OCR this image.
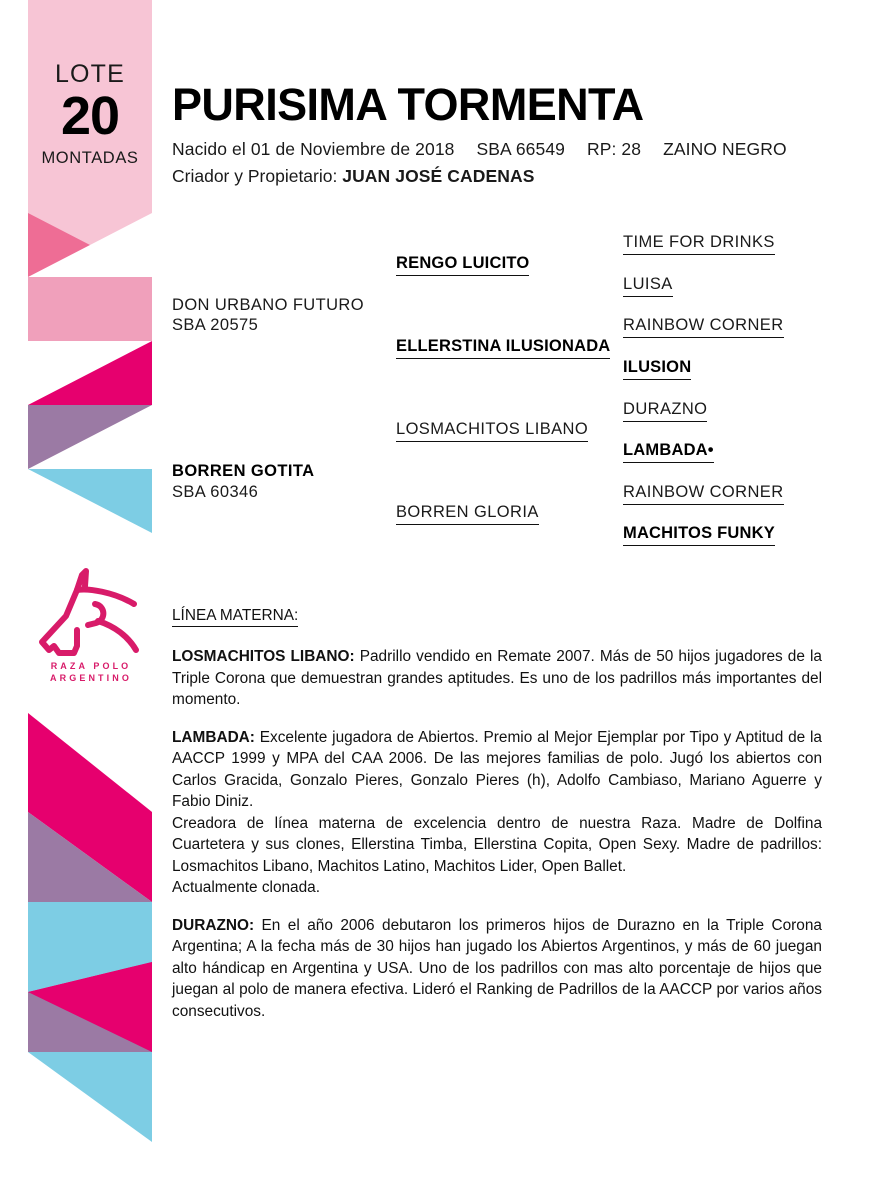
LOTE
20
MONTADAS
RAZA POLO
ARGENTINO
PURISIMA TORMENTA
Nacido el 01 de Noviembre de 2018 SBA 66549 RP: 28 ZAINO NEGRO
Criador y Propietario: JUAN JOSÉ CADENAS
DON URBANO FUTURO
SBA 20575
BORREN GOTITA
SBA 60346
RENGO LUICITO
ELLERSTINA ILUSIONADA
LOSMACHITOS LIBANO
BORREN GLORIA
TIME FOR DRINKS
LUISA
RAINBOW CORNER
ILUSION
DURAZNO
LAMBADA•
RAINBOW CORNER
MACHITOS FUNKY
LÍNEA MATERNA:

LOSMACHITOS LIBANO: Padrillo vendido en Remate 2007. Más de 50 hijos jugadores de la Triple Corona que demuestran grandes aptitudes. Es uno de los padrillos más importantes del momento.

LAMBADA: Excelente jugadora de Abiertos. Premio al Mejor Ejemplar por Tipo y Aptitud de la AACCP 1999 y MPA del CAA 2006. De las mejores familias de polo. Jugó los abiertos con Carlos Gracida, Gonzalo Pieres, Gonzalo Pieres (h), Adolfo Cambiaso, Mariano Aguerre y Fabio Diniz.

Creadora de línea materna de excelencia dentro de nuestra Raza. Madre de Dolfina Cuartetera y sus clones, Ellerstina Timba, Ellerstina Copita, Open Sexy. Madre de padrillos: Losmachitos Libano, Machitos Latino, Machitos Lider, Open Ballet.

Actualmente clonada.

DURAZNO: En el año 2006 debutaron los primeros hijos de Durazno en la Triple Corona Argentina; A la fecha más de 30 hijos han jugado los Abiertos Argentinos, y más de 60 juegan alto hándicap en Argentina y USA. Uno de los padrillos con mas alto porcentaje de hijos que juegan al polo de manera efectiva. Lideró el Ranking de Padrillos de la AACCP por varios años consecutivos.
